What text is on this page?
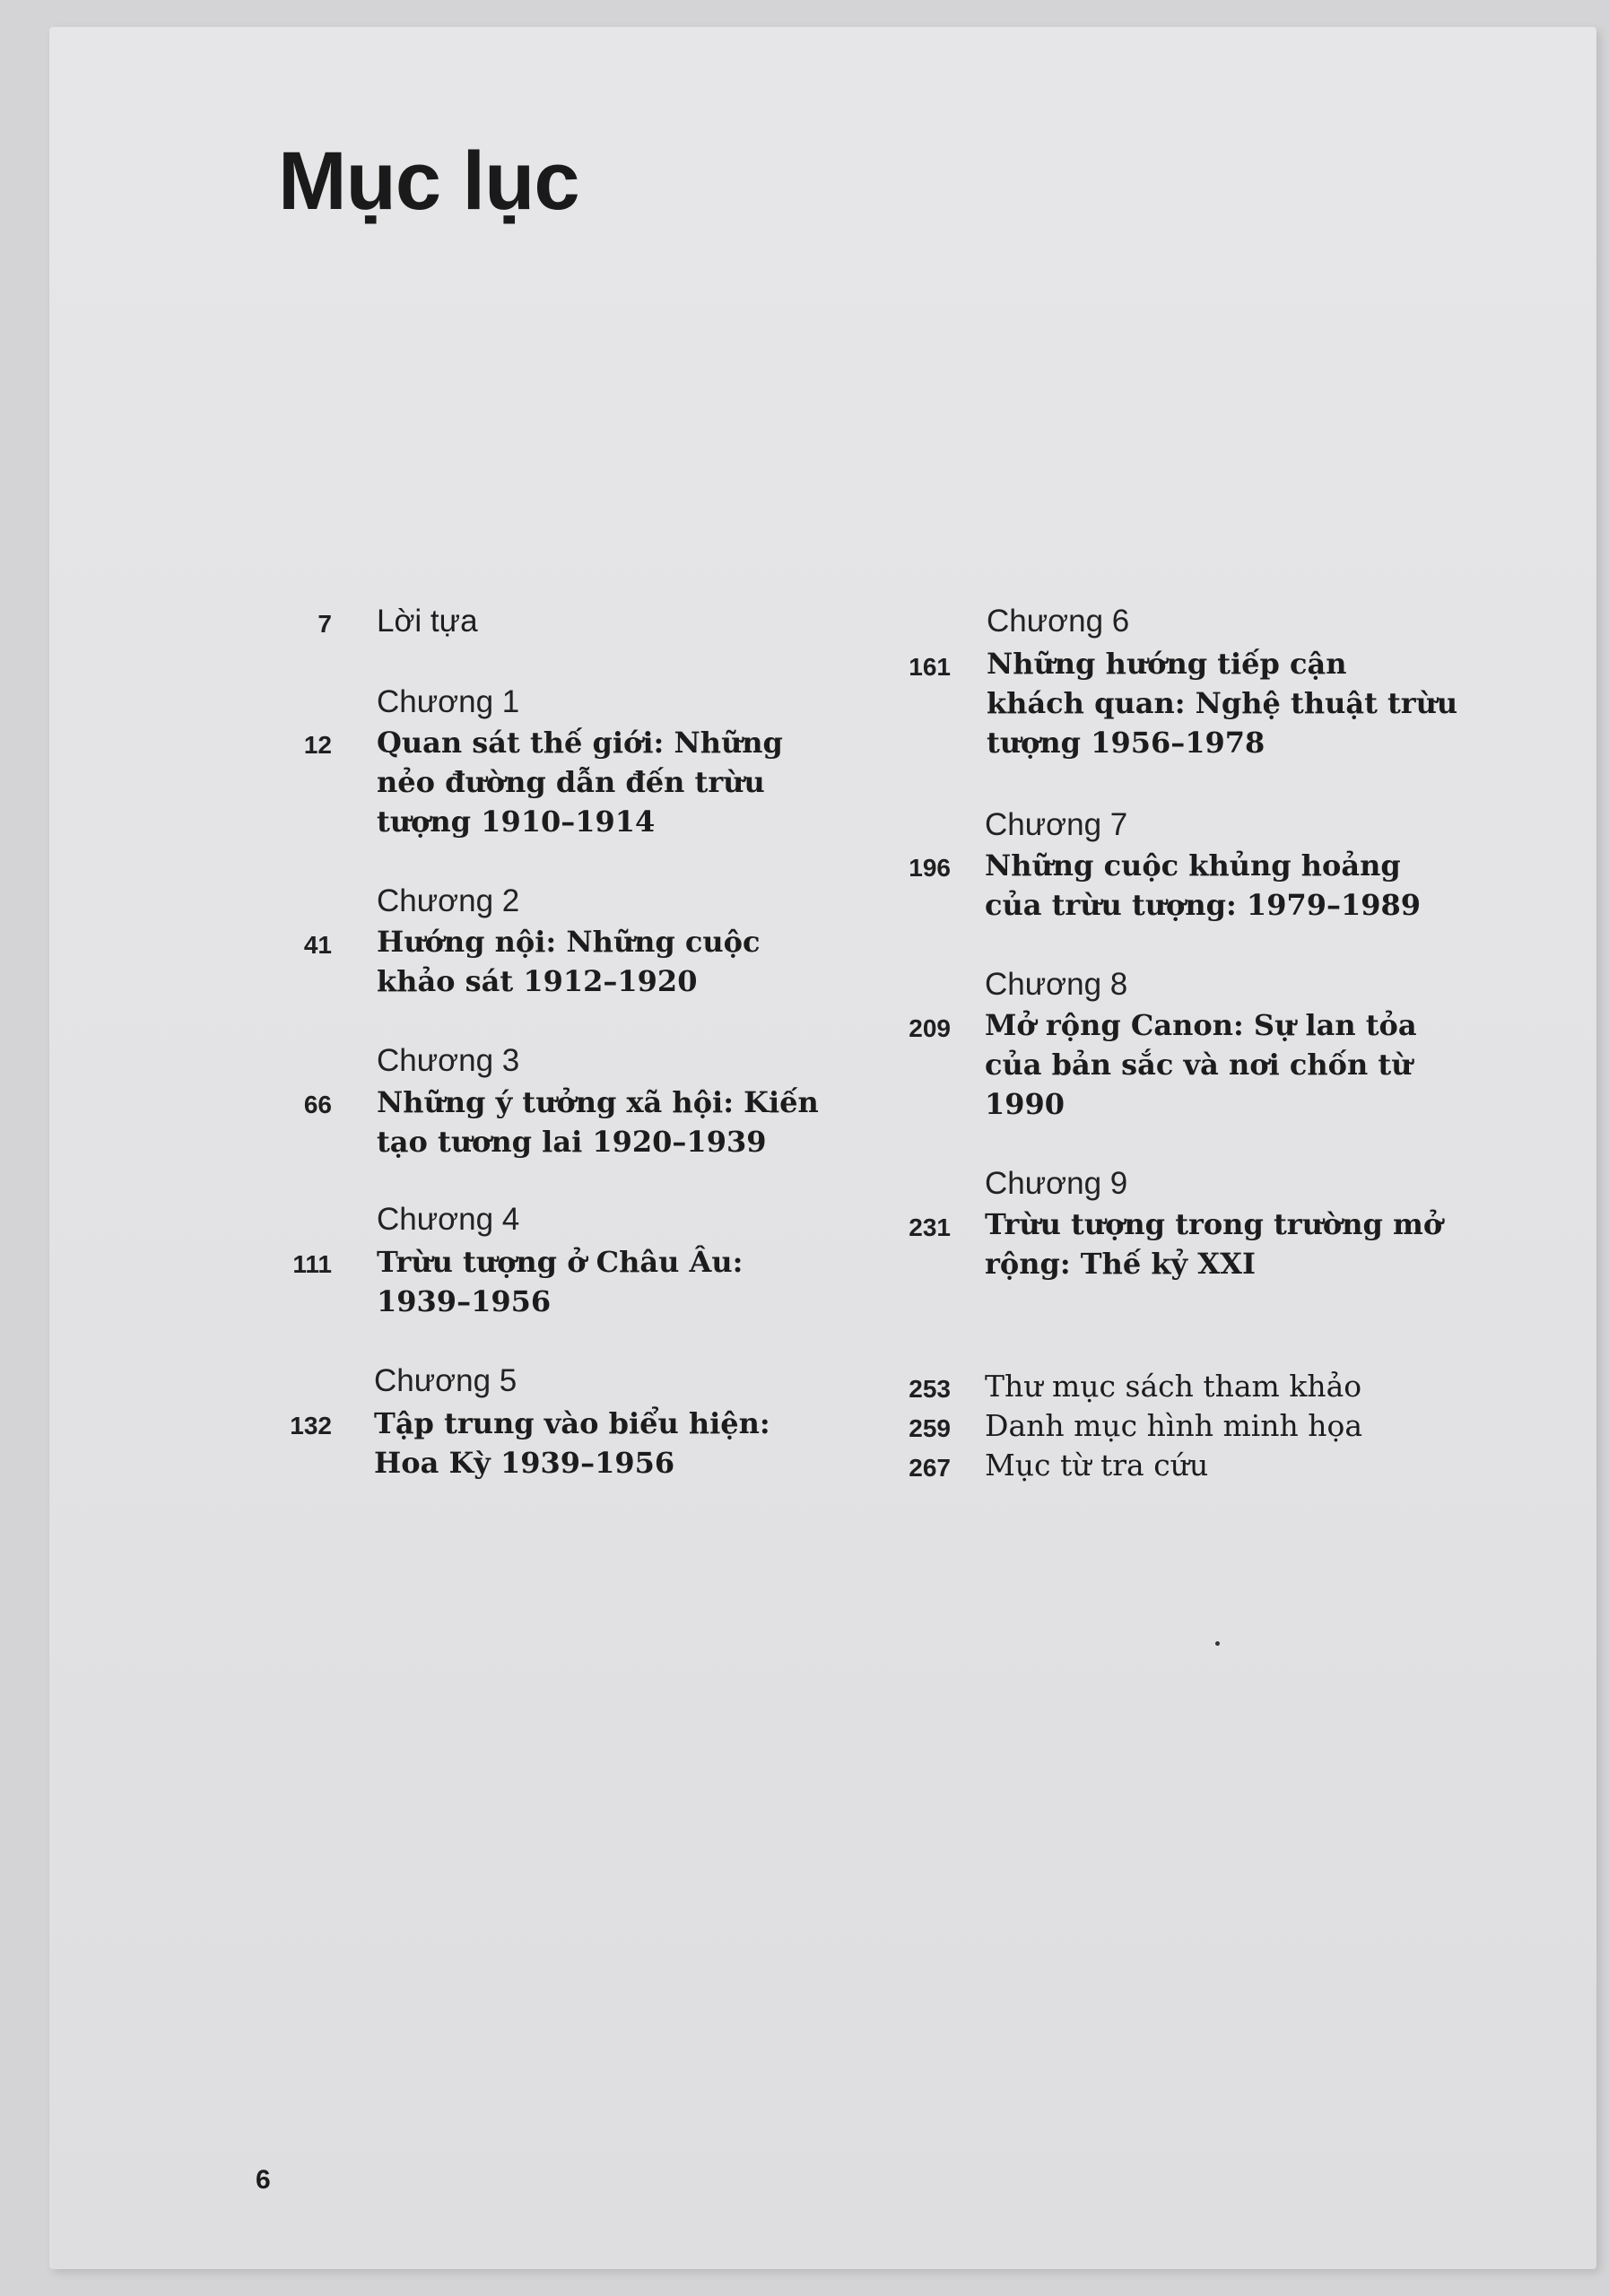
Mục lục
7 Lời tựa
Chương 1
12 Quan sát thế giới: Những
nẻo đường dẫn đến trừu
tượng 1910–1914
Chương 2
41 Hướng nội: Những cuộc
khảo sát 1912–1920
Chương 3
66 Những ý tưởng xã hội: Kiến
tạo tương lai 1920–1939
Chương 4
111 Trừu tượng ở Châu Âu:
1939–1956
Chương 5
132 Tập trung vào biểu hiện:
Hoa Kỳ 1939–1956
Chương 6
161 Những hướng tiếp cận
khách quan: Nghệ thuật trừu
tượng 1956–1978
Chương 7
196 Những cuộc khủng hoảng
của trừu tượng: 1979–1989
Chương 8
209 Mở rộng Canon: Sự lan tỏa
của bản sắc và nơi chốn từ
1990
Chương 9
231 Trừu tượng trong trường mở
rộng: Thế kỷ XXI
253 Thư mục sách tham khảo
259 Danh mục hình minh họa
267 Mục từ tra cứu
6
